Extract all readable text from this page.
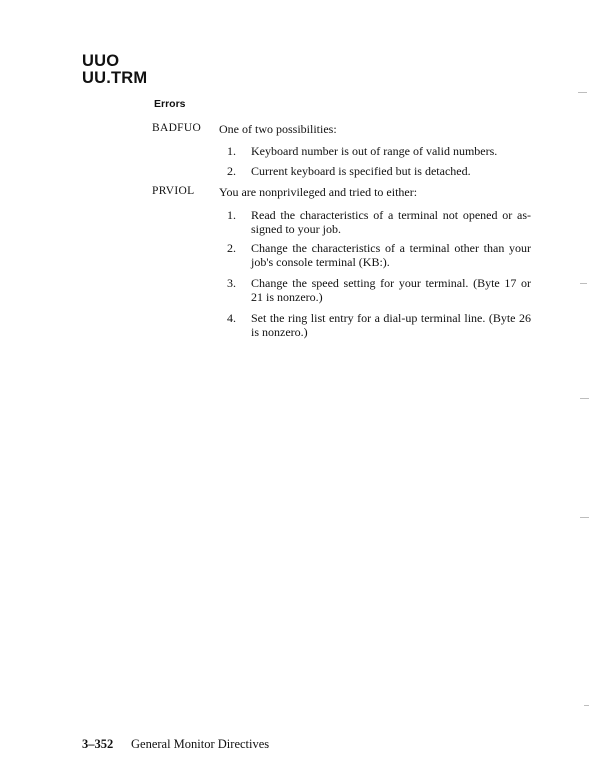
UUO
UU.TRM
Errors
BADFUO One of two possibilities:
1.	Keyboard number is out of range of valid numbers.
2.	Current keyboard is specified but is detached.
PRVIOL You are nonprivileged and tried to either:
1.	Read the characteristics of a terminal not opened or as- signed to your job.
2.	Change the characteristics of a terminal other than your job's console terminal (KB:).
3.	Change the speed setting for your terminal. (Byte 17 or 21 is nonzero.)
4.	Set the ring list entry for a dial-up terminal line. (Byte 26 is nonzero.)
3–352 General Monitor Directives
